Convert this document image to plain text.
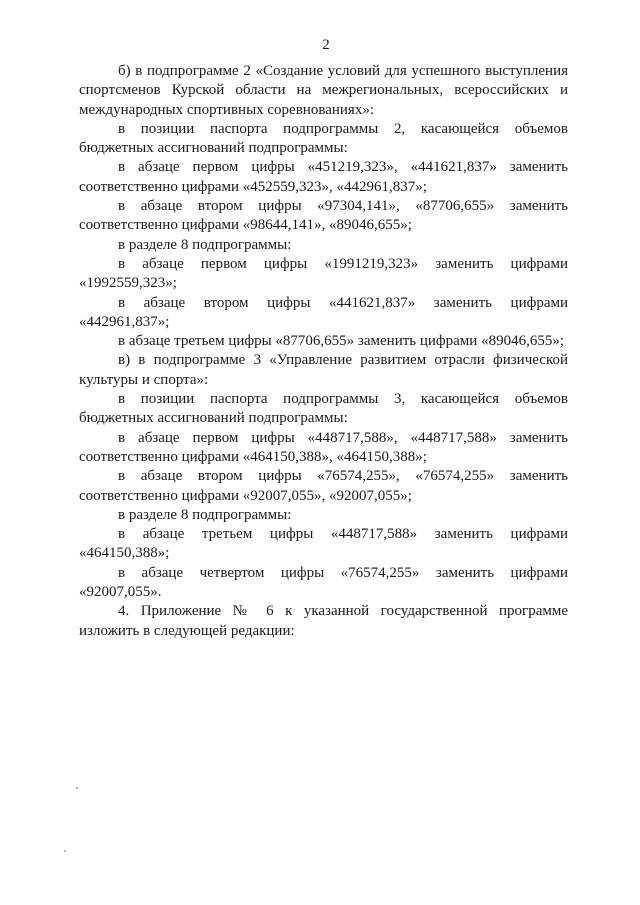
2
б) в подпрограмме 2 «Создание условий для успешного выступления
спортсменов Курской области на межрегиональных, всероссийских и
международных спортивных соревнованиях»:
в позиции паспорта подпрограммы 2, касающейся объемов
бюджетных ассигнований подпрограммы:
в абзаце первом цифры «451219,323», «441621,837» заменить
соответственно цифрами «452559,323», «442961,837»;
в абзаце втором цифры «97304,141», «87706,655» заменить
соответственно цифрами «98644,141», «89046,655»;
в разделе 8 подпрограммы:
в абзаце первом цифры «1991219,323» заменить цифрами
«1992559,323»;
в абзаце втором цифры «441621,837» заменить цифрами
«442961,837»;
в абзаце третьем цифры «87706,655» заменить цифрами «89046,655»;
в) в подпрограмме 3 «Управление развитием отрасли физической
культуры и спорта»:
в позиции паспорта подпрограммы 3, касающейся объемов
бюджетных ассигнований подпрограммы:
в абзаце первом цифры «448717,588», «448717,588» заменить
соответственно цифрами «464150,388», «464150,388»;
в абзаце втором цифры «76574,255», «76574,255» заменить
соответственно цифрами «92007,055», «92007,055»;
в разделе 8 подпрограммы:
в абзаце третьем цифры «448717,588» заменить цифрами
«464150,388»;
в абзаце четвертом цифры «76574,255» заменить цифрами
«92007,055».
4. Приложение № 6 к указанной государственной программе
изложить в следующей редакции:
